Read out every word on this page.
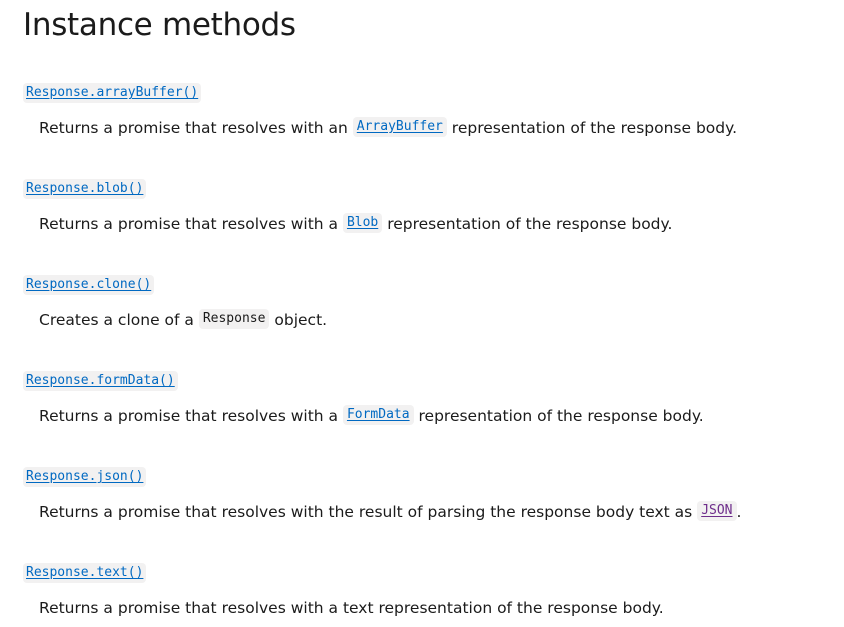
Instance methods
Response.arrayBuffer()
Returns a promise that resolves with an ArrayBuffer representation of the response body.
Response.blob()
Returns a promise that resolves with a Blob representation of the response body.
Response.clone()
Creates a clone of a Response object.
Response.formData()
Returns a promise that resolves with a FormData representation of the response body.
Response.json()
Returns a promise that resolves with the result of parsing the response body text as JSON .
Response.text()
Returns a promise that resolves with a text representation of the response body.
